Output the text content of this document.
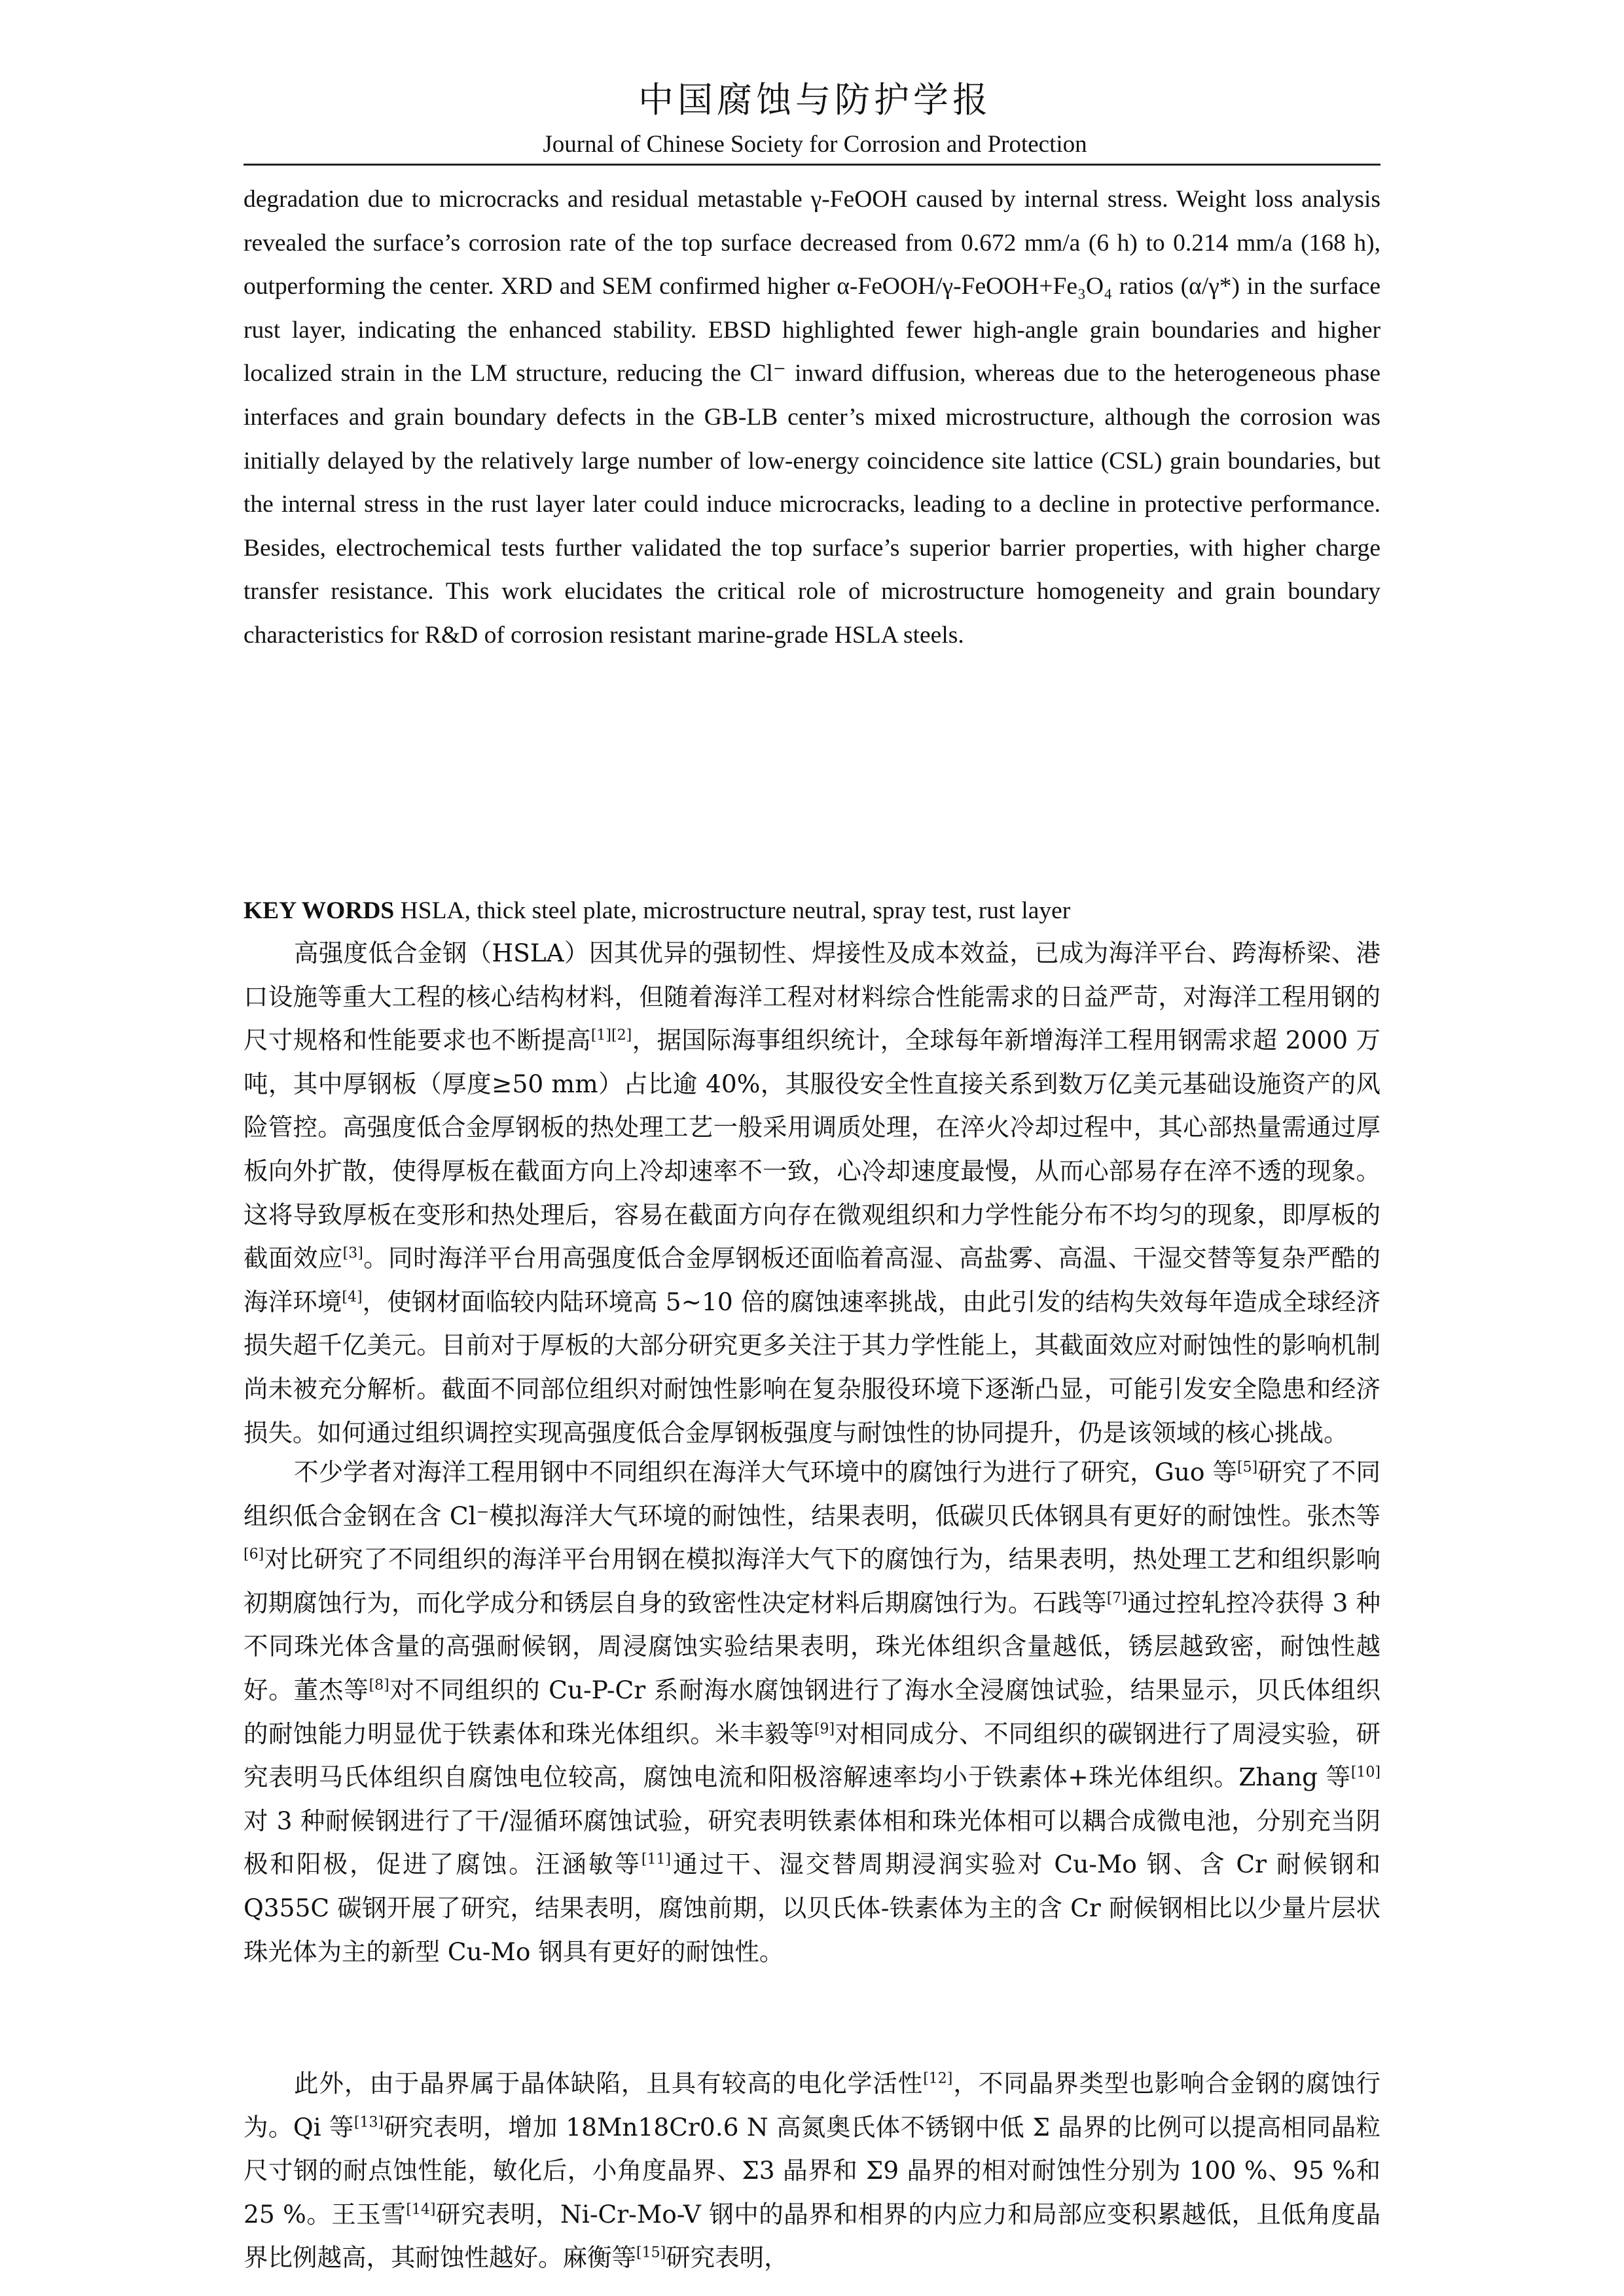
中国腐蚀与防护学报
Journal of Chinese Society for Corrosion and Protection

degradation due to microcracks and residual metastable γ-FeOOH caused by internal stress. Weight loss analysis revealed the surface’s corrosion rate of the top surface decreased from 0.672 mm/a (6 h) to 0.214 mm/a (168 h), outperforming the center. XRD and SEM confirmed higher α-FeOOH/γ-FeOOH+Fe₃O₄ ratios (α/γ*) in the surface rust layer, indicating the enhanced stability. EBSD highlighted fewer high-angle grain boundaries and higher localized strain in the LM structure, reducing the Cl⁻ inward diffusion, whereas due to the heterogeneous phase interfaces and grain boundary defects in the GB-LB center’s mixed microstructure, although the corrosion was initially delayed by the relatively large number of low-energy coincidence site lattice (CSL) grain boundaries, but the internal stress in the rust layer later could induce microcracks, leading to a decline in protective performance. Besides, electrochemical tests further validated the top surface’s superior barrier properties, with higher charge transfer resistance. This work elucidates the critical role of microstructure homogeneity and grain boundary characteristics for R&D of corrosion resistant marine-grade HSLA steels.

KEY WORDS HSLA, thick steel plate, microstructure neutral, spray test, rust layer

高强度低合金钢（HSLA）因其优异的强韧性、焊接性及成本效益，已成为海洋平台、跨海桥梁、港口设施等重大工程的核心结构材料，但随着海洋工程对材料综合性能需求的日益严苛，对海洋工程用钢的尺寸规格和性能要求也不断提高[1][2]，据国际海事组织统计，全球每年新增海洋工程用钢需求超 2000 万吨，其中厚钢板（厚度≥50 mm）占比逾 40%，其服役安全性直接关系到数万亿美元基础设施资产的风险管控。高强度低合金厚钢板的热处理工艺一般采用调质处理，在淬火冷却过程中，其心部热量需通过厚板向外扩散，使得厚板在截面方向上冷却速率不一致，心冷却速度最慢，从而心部易存在淬不透的现象。这将导致厚板在变形和热处理后，容易在截面方向存在微观组织和力学性能分布不均匀的现象，即厚板的截面效应[3]。同时海洋平台用高强度低合金厚钢板还面临着高湿、高盐雾、高温、干湿交替等复杂严酷的海洋环境[4]，使钢材面临较内陆环境高 5~10 倍的腐蚀速率挑战，由此引发的结构失效每年造成全球经济损失超千亿美元。目前对于厚板的大部分研究更多关注于其力学性能上，其截面效应对耐蚀性的影响机制尚未被充分解析。截面不同部位组织对耐蚀性影响在复杂服役环境下逐渐凸显，可能引发安全隐患和经济损失。如何通过组织调控实现高强度低合金厚钢板强度与耐蚀性的协同提升，仍是该领域的核心挑战。

不少学者对海洋工程用钢中不同组织在海洋大气环境中的腐蚀行为进行了研究，Guo 等[5]研究了不同组织低合金钢在含 Cl⁻模拟海洋大气环境的耐蚀性，结果表明，低碳贝氏体钢具有更好的耐蚀性。张杰等[6]对比研究了不同组织的海洋平台用钢在模拟海洋大气下的腐蚀行为，结果表明，热处理工艺和组织影响初期腐蚀行为，而化学成分和锈层自身的致密性决定材料后期腐蚀行为。石践等[7]通过控轧控冷获得 3 种不同珠光体含量的高强耐候钢，周浸腐蚀实验结果表明，珠光体组织含量越低，锈层越致密，耐蚀性越好。董杰等[8]对不同组织的 Cu-P-Cr 系耐海水腐蚀钢进行了海水全浸腐蚀试验，结果显示，贝氏体组织的耐蚀能力明显优于铁素体和珠光体组织。米丰毅等[9]对相同成分、不同组织的碳钢进行了周浸实验，研究表明马氏体组织自腐蚀电位较高，腐蚀电流和阳极溶解速率均小于铁素体+珠光体组织。Zhang 等[10]对 3 种耐候钢进行了干/湿循环腐蚀试验，研究表明铁素体相和珠光体相可以耦合成微电池，分别充当阴极和阳极，促进了腐蚀。汪涵敏等[11]通过干、湿交替周期浸润实验对 Cu-Mo 钢、含 Cr 耐候钢和 Q355C 碳钢开展了研究，结果表明，腐蚀前期，以贝氏体-铁素体为主的含 Cr 耐候钢相比以少量片层状珠光体为主的新型 Cu-Mo 钢具有更好的耐蚀性。

此外，由于晶界属于晶体缺陷，且具有较高的电化学活性[12]，不同晶界类型也影响合金钢的腐蚀行为。Qi 等[13]研究表明，增加 18Mn18Cr0.6 N 高氮奥氏体不锈钢中低 Σ 晶界的比例可以提高相同晶粒尺寸钢的耐点蚀性能，敏化后，小角度晶界、Σ3 晶界和 Σ9 晶界的相对耐蚀性分别为 100 %、95 %和 25 %。王玉雪[14]研究表明，Ni-Cr-Mo-V 钢中的晶界和相界的内应力和局部应变积累越低，且低角度晶界比例越高，其耐蚀性越好。麻衡等[15]研究表明，
